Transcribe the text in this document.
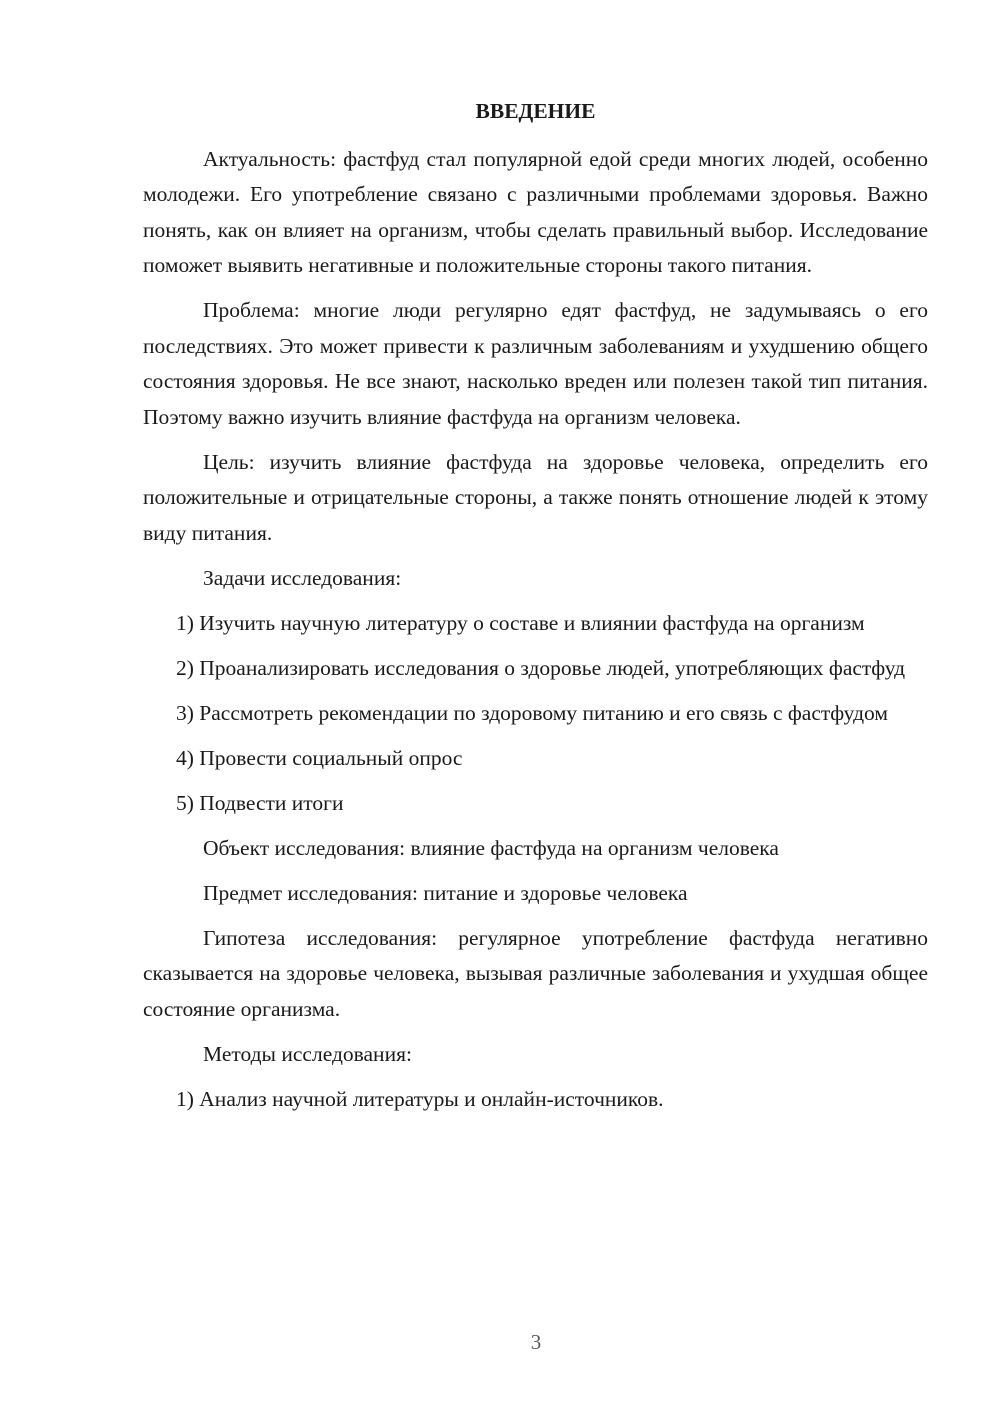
ВВЕДЕНИЕ

Актуальность: фастфуд стал популярной едой среди многих людей, особенно молодежи. Его употребление связано с различными проблемами здоровья. Важно понять, как он влияет на организм, чтобы сделать правильный выбор. Исследование поможет выявить негативные и положительные стороны такого питания.

Проблема: многие люди регулярно едят фастфуд, не задумываясь о его последствиях. Это может привести к различным заболеваниям и ухудшению общего состояния здоровья. Не все знают, насколько вреден или полезен такой тип питания. Поэтому важно изучить влияние фастфуда на организм человека.

Цель: изучить влияние фастфуда на здоровье человека, определить его положительные и отрицательные стороны, а также понять отношение людей к этому виду питания.

Задачи исследования:

1) Изучить научную литературу о составе и влиянии фастфуда на организм

2) Проанализировать исследования о здоровье людей, употребляющих фастфуд

3) Рассмотреть рекомендации по здоровому питанию и его связь с фастфудом

4) Провести социальный опрос

5) Подвести итоги

Объект исследования: влияние фастфуда на организм человека

Предмет исследования: питание и здоровье человека

Гипотеза исследования: регулярное употребление фастфуда негативно сказывается на здоровье человека, вызывая различные заболевания и ухудшая общее состояние организма.

Методы исследования:

1) Анализ научной литературы и онлайн-источников.

3
